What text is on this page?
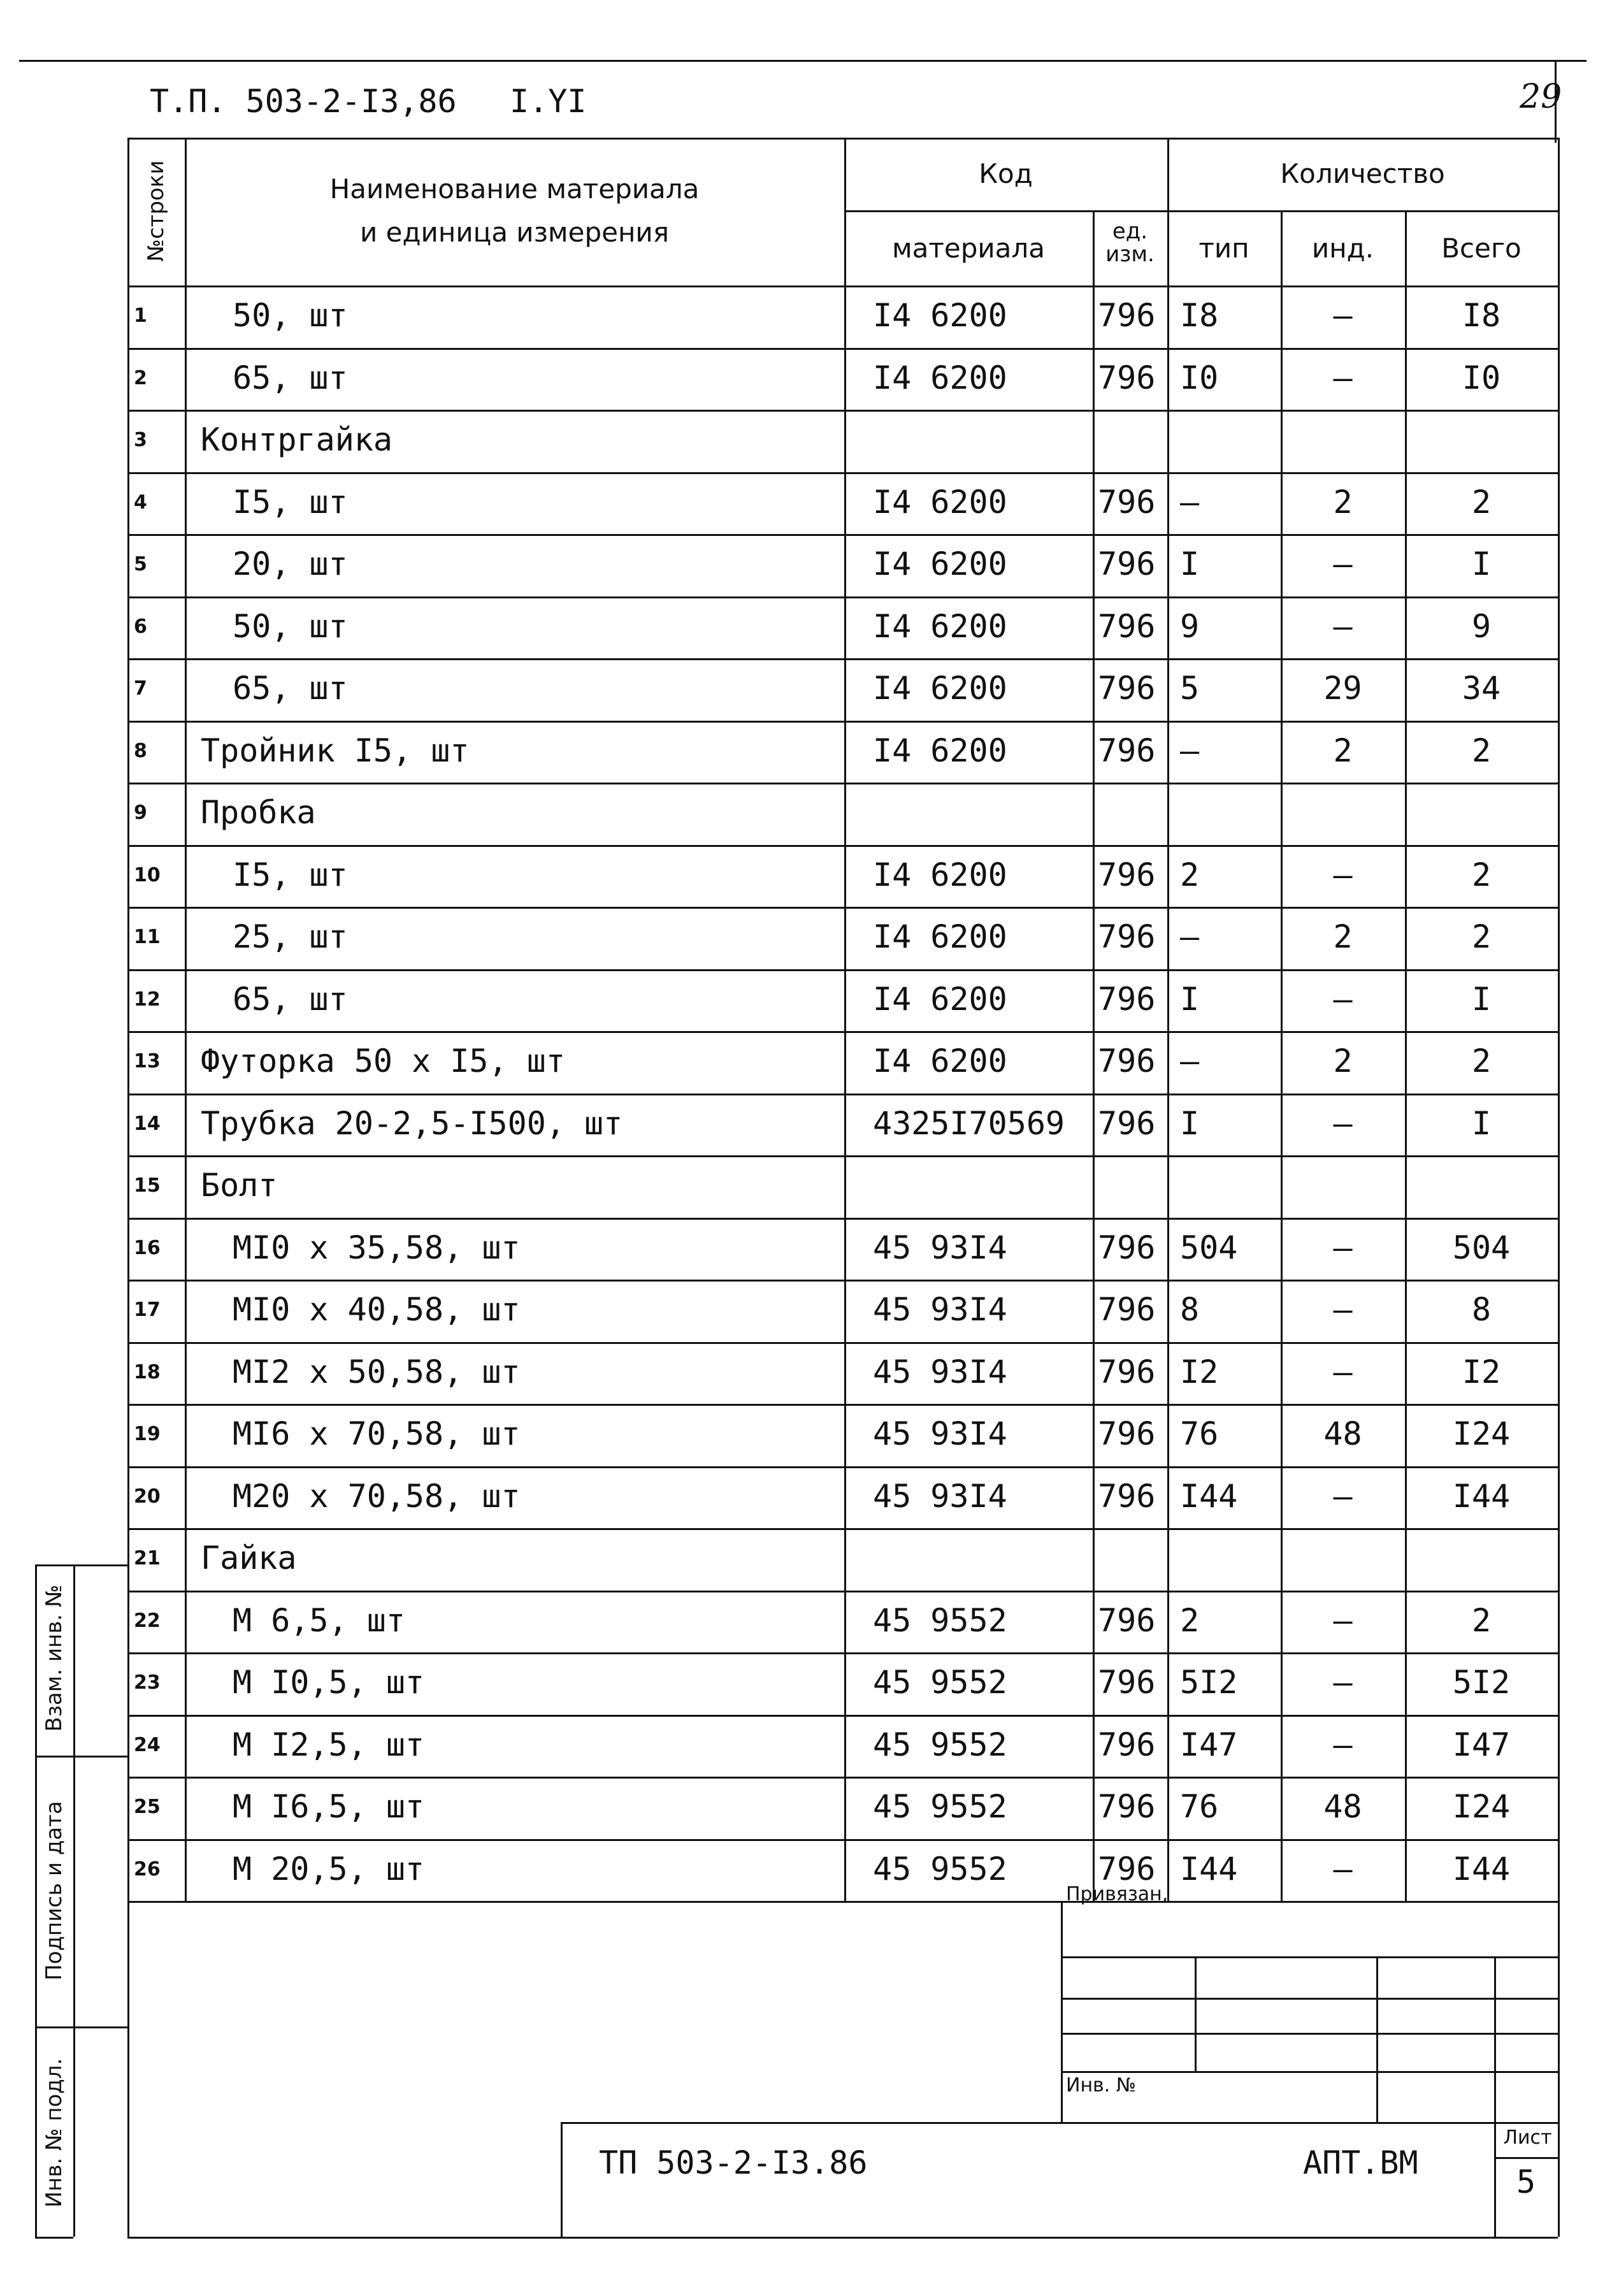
Т.П. 503-2-I3,86 I.YI	29
№строки	Наименование материала
и единица измерения
Код	Количество
материала
ед. изм.	тип	инд.	Всего
1	50, шт	I4 6200	796 I8	–	I8
2	65, шт	I4 6200	796 I0	–	I0
3	Контргайка
4	I5, шт	I4 6200	796 –	2	2
5	20, шт	I4 6200	796 I	–	I
6	50, шт	I4 6200	796 9	–	9
7	65, шт	I4 6200	796 5	29	34
8	Тройник I5, шт	I4 6200	796 –	2	2
9	Пробка
10	I5, шт	I4 6200	796 2	–	2
11	25, шт	I4 6200	796 –	2	2
12	65, шт	I4 6200	796 I	–	I
13	Футорка 50 x I5, шт	I4 6200	796 –	2	2
14	Трубка 20-2,5-I500, шт	4325I70569 796 I	–	I
15	Болт
16	МI0 x 35,58, шт	45 93I4	796 504	–	504
17	МI0 x 40,58, шт	45 93I4	796 8	–	8
18	МI2 x 50,58, шт	45 93I4	796 I2	–	I2
19	МI6 x 70,58, шт	45 93I4	796 76	48	I24
20	М20 x 70,58, шт	45 93I4	796 I44	–	I44
21	Гайка
22	М 6,5, шт	45 9552	796 2	–	2
23	М I0,5, шт	45 9552	796 5I2	–	5I2
24	М I2,5, шт	45 9552	796 I47	–	I47
25	М I6,5, шт	45 9552	796 76	48	I24
26	М 20,5, шт	45 9552	796 I44	–	I44
Взам. инв. №
Подпись и дата
Инв. № подл.
Привязан,
Инв. №
ТП 503-2-I3.86	АПТ.ВМ
Лист
5
